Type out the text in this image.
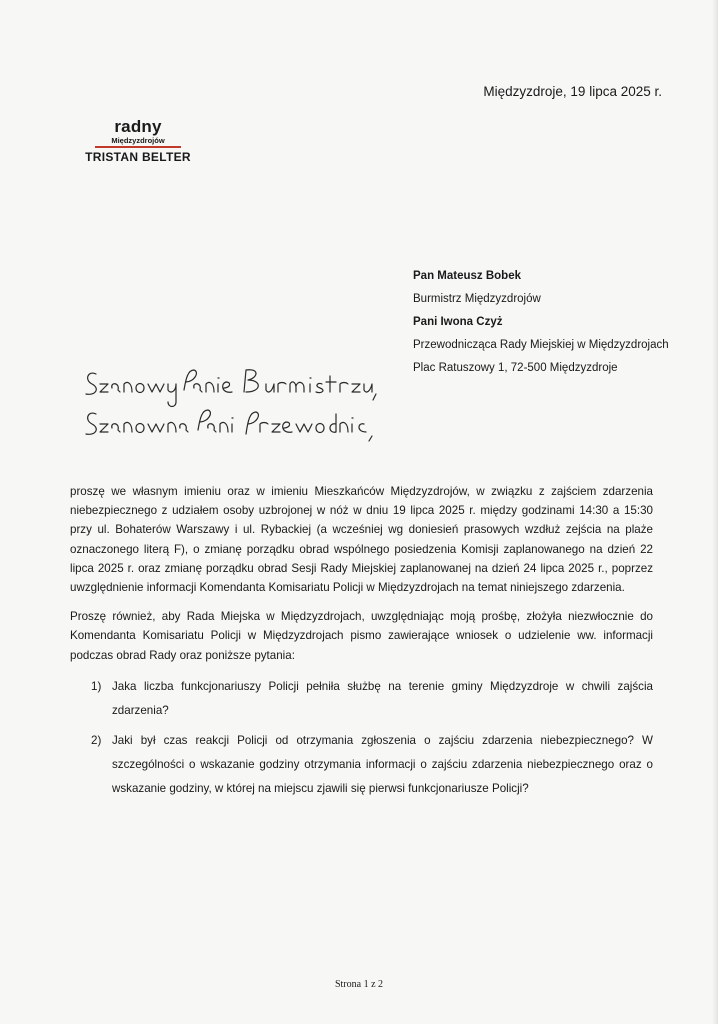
Międzyzdroje, 19 lipca 2025 r.
radny
Międzyzdrojów
TRISTAN BELTER
Pan Mateusz Bobek
Burmistrz Międzyzdrojów
Pani Iwona Czyż
Przewodnicząca Rady Miejskiej w Międzyzdrojach
Plac Ratuszowy 1, 72-500 Międzyzdroje

proszę we własnym imieniu oraz w imieniu Mieszkańców Międzyzdrojów, w związku z zajściem zdarzenia niebezpiecznego z udziałem osoby uzbrojonej w nóż w dniu 19 lipca 2025 r. między godzinami 14:30 a 15:30 przy ul. Bohaterów Warszawy i ul. Rybackiej (a wcześniej wg doniesień prasowych wzdłuż zejścia na plaże oznaczonego literą F), o zmianę porządku obrad wspólnego posiedzenia Komisji zaplanowanego na dzień 22 lipca 2025 r. oraz zmianę porządku obrad Sesji Rady Miejskiej zaplanowanej na dzień 24 lipca 2025 r., poprzez uwzględnienie informacji Komendanta Komisariatu Policji w Międzyzdrojach na temat niniejszego zdarzenia.

Proszę również, aby Rada Miejska w Międzyzdrojach, uwzględniając moją prośbę, złożyła niezwłocznie do Komendanta Komisariatu Policji w Międzyzdrojach pismo zawierające wniosek o udzielenie ww. informacji podczas obrad Rady oraz poniższe pytania:

1) Jaka liczba funkcjonariuszy Policji pełniła służbę na terenie gminy Międzyzdroje w chwili zajścia zdarzenia?
2) Jaki był czas reakcji Policji od otrzymania zgłoszenia o zajściu zdarzenia niebezpiecznego? W szczególności o wskazanie godziny otrzymania informacji o zajściu zdarzenia niebezpiecznego oraz o wskazanie godziny, w której na miejscu zjawili się pierwsi funkcjonariusze Policji?
Strona 1 z 2
